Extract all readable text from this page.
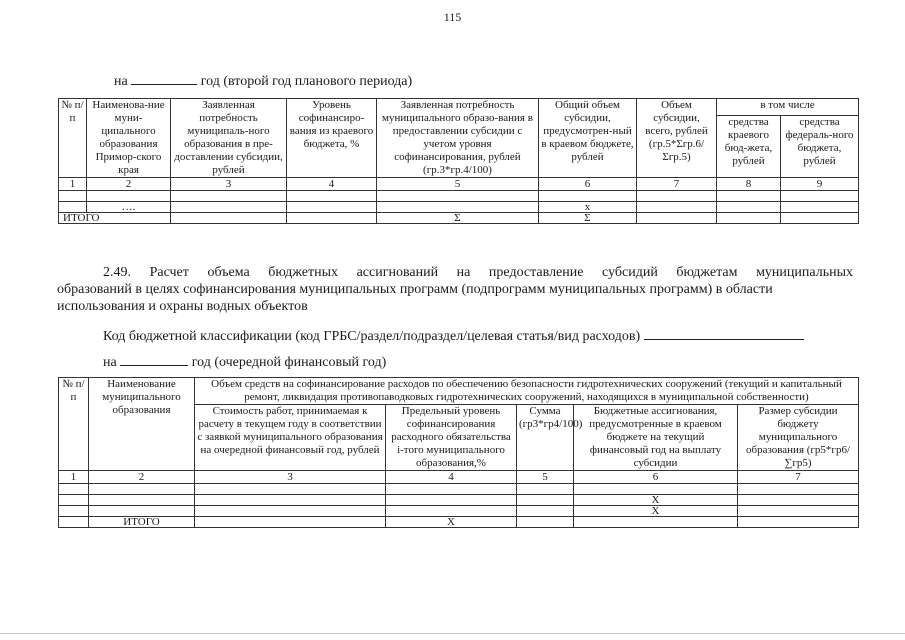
115
на	год (второй год планового периода)
№ п/п	Наименова-ние муни-ципального образования Примор-ского края	Заявленная потребность муниципаль-ного образования в пре-доставлении субсидии, рублей	Уровень софинансиро-вания из краевого бюджета, %	Заявленная потребность муниципального образо-вания в предоставлении субсидии с учетом уровня софинансирования, рублей (гр.3*гр.4/100)	Общий объем субсидии, предусмотрен-ный в краевом бюджете, рублей	Объем субсидии, всего, рублей (гр.5*Σгр.6/Σгр.5)	в том числе	
							средства краевого бюд-жета, рублей	средства федераль-ного бюджета, рублей
1	2	3	4	5	6	7	8	9

	….				x			
ИТОГО				Σ	Σ			
2.49. Расчет объема бюджетных ассигнований на предоставление субсидий бюджетам муниципальных
образований в целях софинансирования муниципальных программ (подпрограмм муниципальных программ) в области
использования и охраны водных объектов
Код бюджетной классификации (код ГРБС/раздел/подраздел/целевая статья/вид расходов)
на	год (очередной финансовый год)
№ п/п	Наименование муниципального образования	Объем средств на софинансирование расходов по обеспечению безопасности гидротехнических сооружений (текущий и капитальный ремонт, ликвидация противопаводковых гидротехнических сооружений, находящихся в муниципальной собственности)				
		Стоимость работ, принимаемая к расчету в текущем году в соответствии с заявкой муниципального образования на очередной финансовый год, рублей	Предельный уровень софинансирования расходного обязательства i-того муниципального образования,%	Сумма (гр3*гр4/100)	Бюджетные ассигнования, предусмотренные в краевом бюджете на текущий финансовый год на выплату субсидии	Размер субсидии бюджету муниципального образования (гр5*гр6/∑гр5)
1	2	3	4	5	6	7

					X	
					X	
	ИТОГО		X			
